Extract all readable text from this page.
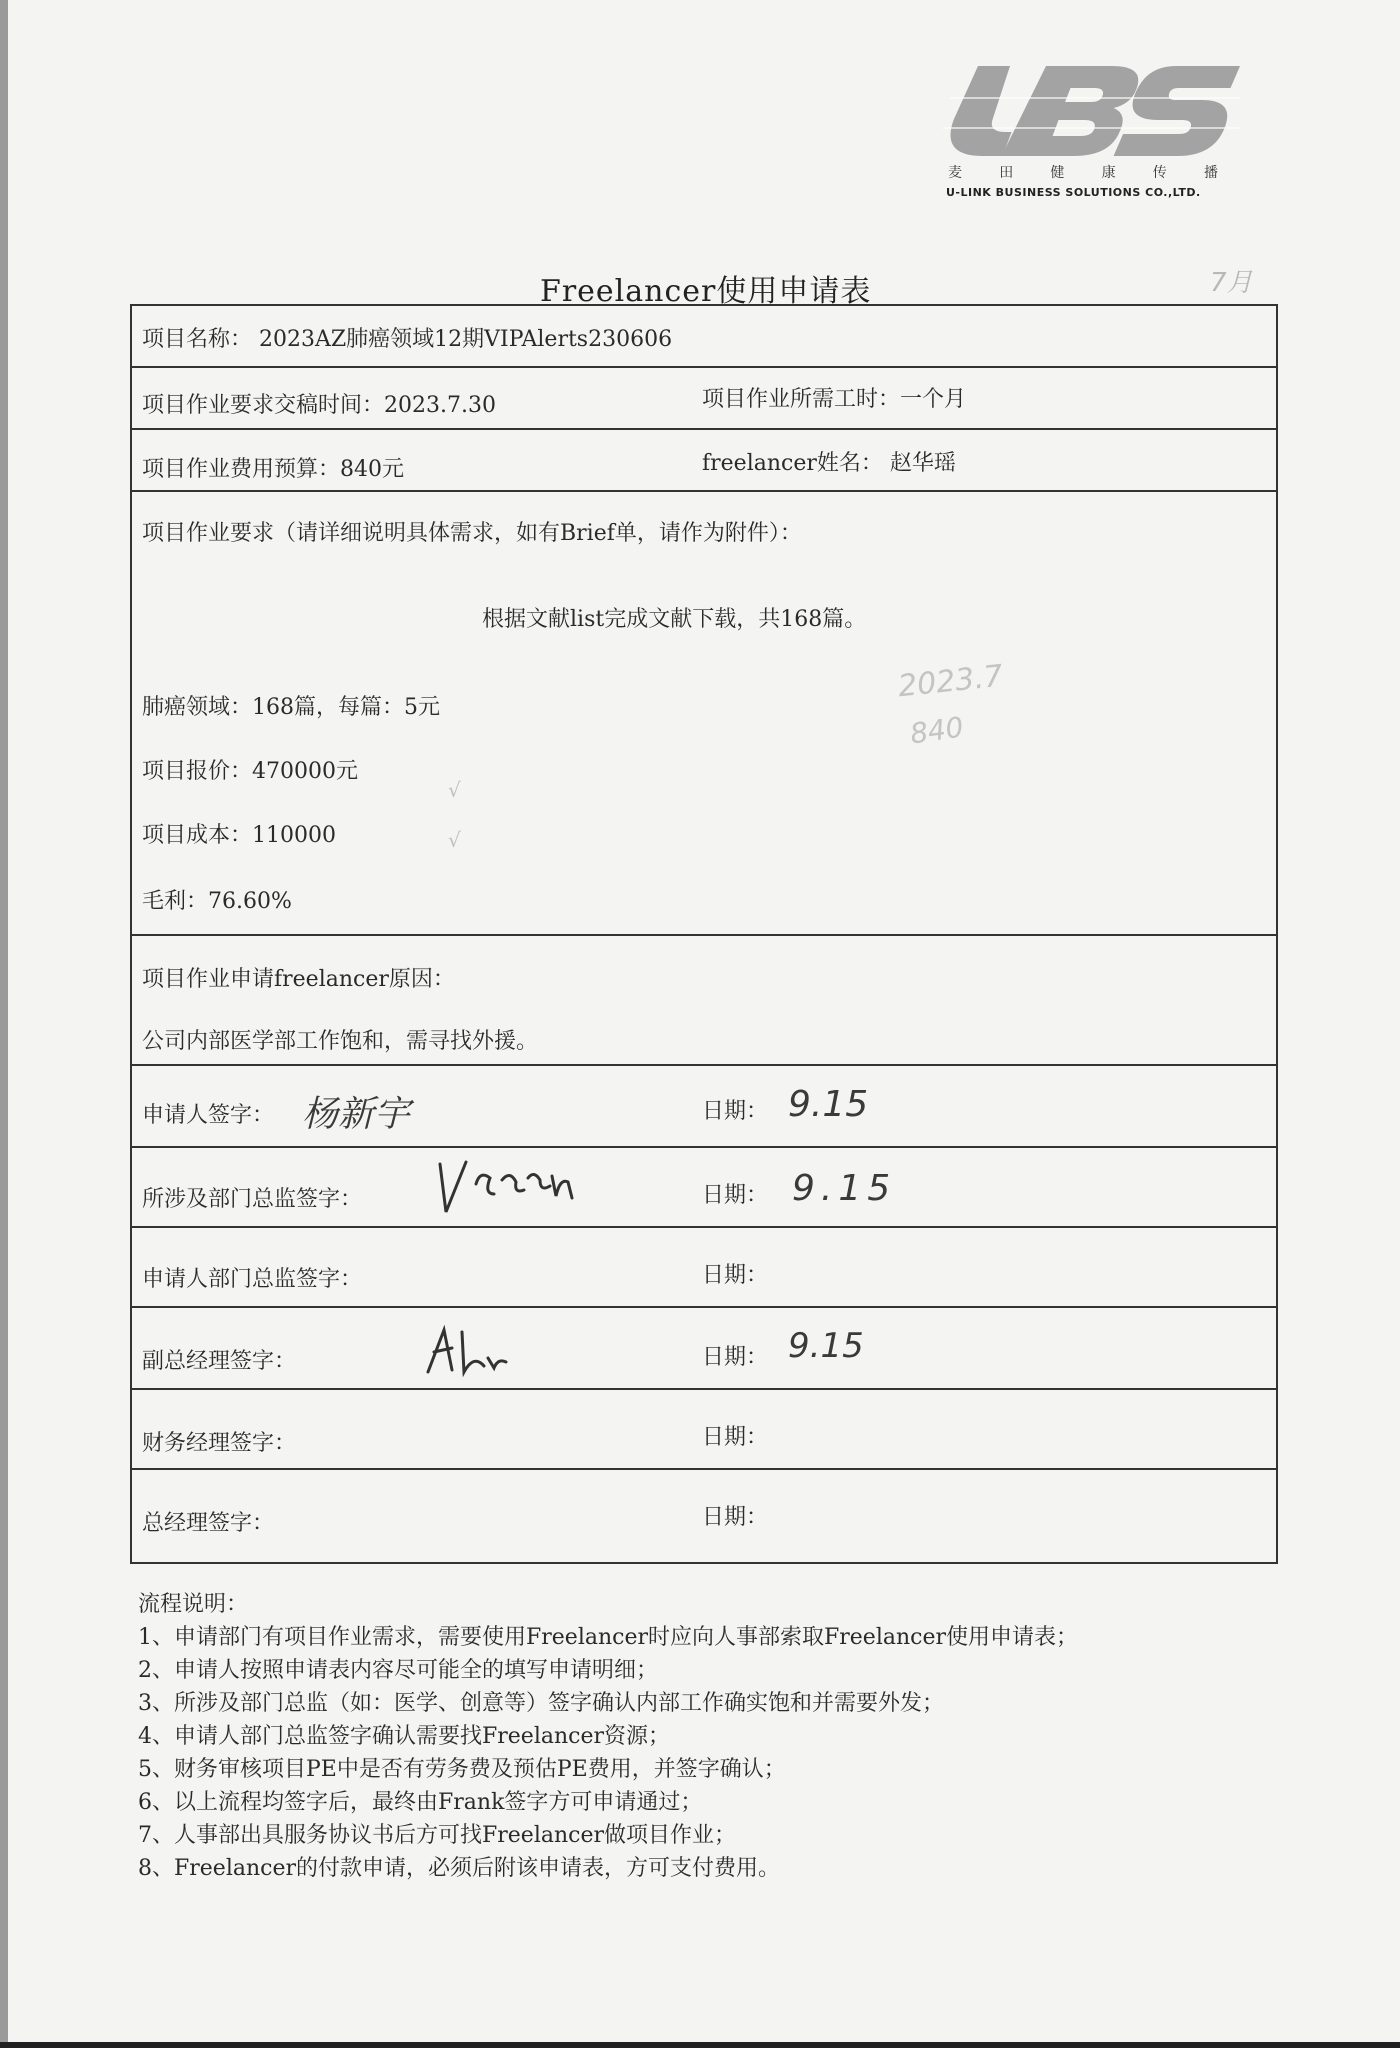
麦	田	健	康	传	播
U-LINK BUSINESS SOLUTIONS CO.,LTD.
Freelancer使用申请表	7月
项目名称： 2023AZ肺癌领域12期VIPAlerts230606
项目作业要求交稿时间：2023.7.30	项目作业所需工时：一个月
项目作业费用预算：840元	freelancer姓名： 赵华瑶
项目作业要求（请详细说明具体需求，如有Brief单，请作为附件）：
根据文献list完成文献下载，共168篇。
2023.7
840
肺癌领域：168篇，每篇：5元
项目报价：470000元
√
项目成本：110000	√
毛利：76.60%
项目作业申请freelancer原因：
公司内部医学部工作饱和，需寻找外援。
申请人签字： 杨新宇	日期： 9.15
所涉及部门总监签字：	日期： 9.15
申请人部门总监签字：	日期：
副总经理签字：	日期： 9.15
财务经理签字：	日期：
总经理签字：	日期：
流程说明：
1、申请部门有项目作业需求，需要使用Freelancer时应向人事部索取Freelancer使用申请表；
2、申请人按照申请表内容尽可能全的填写申请明细；
3、所涉及部门总监（如：医学、创意等）签字确认内部工作确实饱和并需要外发；
4、申请人部门总监签字确认需要找Freelancer资源；
5、财务审核项目PE中是否有劳务费及预估PE费用，并签字确认；
6、以上流程均签字后，最终由Frank签字方可申请通过；
7、人事部出具服务协议书后方可找Freelancer做项目作业；
8、Freelancer的付款申请，必须后附该申请表，方可支付费用。
